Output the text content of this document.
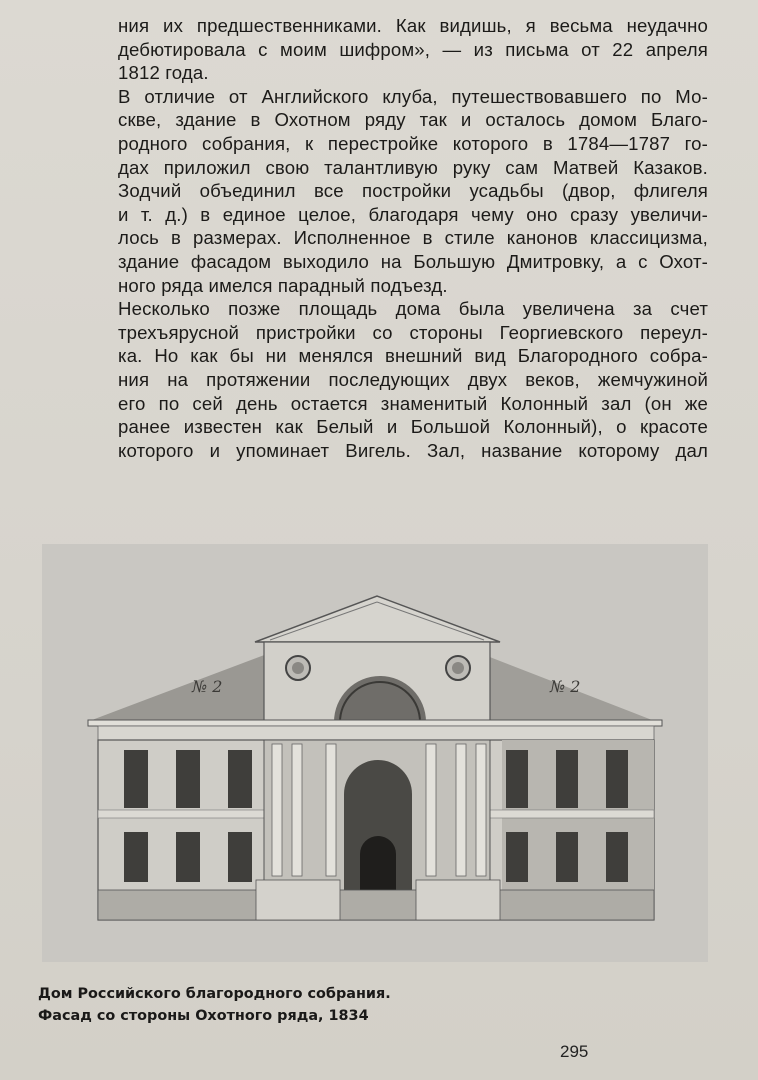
ния их предшественниками. Как видишь, я весьма неудачно
дебютировала с моим шифром», — из письма от 22 апреля
1812 года.
В отличие от Английского клуба, путешествовавшего по Мо-
скве, здание в Охотном ряду так и осталось домом Благо-
родного собрания, к перестройке которого в 1784—1787 го-
дах приложил свою талантливую руку сам Матвей Казаков.
Зодчий объединил все постройки усадьбы (двор, флигеля
и т. д.) в единое целое, благодаря чему оно сразу увеличи-
лось в размерах. Исполненное в стиле канонов классицизма,
здание фасадом выходило на Большую Дмитровку, а с Охот-
ного ряда имелся парадный подъезд.
Несколько позже площадь дома была увеличена за счет
трехъярусной пристройки со стороны Георгиевского переул-
ка. Но как бы ни менялся внешний вид Благородного собра-
ния на протяжении последующих двух веков, жемчужиной
его по сей день остается знаменитый Колонный зал (он же
ранее известен как Белый и Большой Колонный), о красоте
которого и упоминает Вигель. Зал, название которому дал
№ 2	№ 2
Дом Российского благородного собрания.
Фасад со стороны Охотного ряда, 1834
295
